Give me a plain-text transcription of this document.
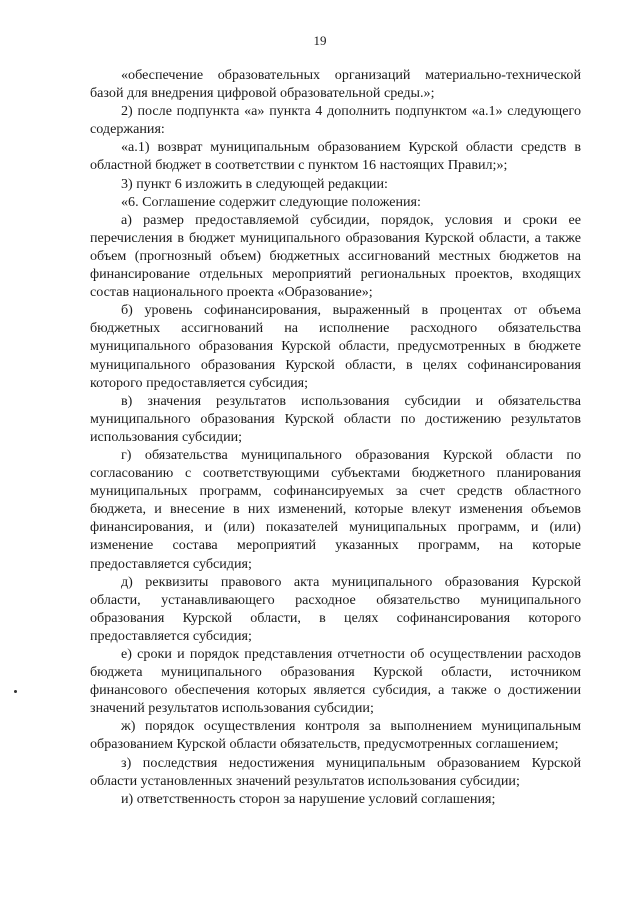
19

«обеспечение образовательных организаций материально-технической базой для внедрения цифровой образовательной среды.»;

2) после подпункта «а» пункта 4 дополнить подпунктом «а.1» следующего содержания:

«а.1) возврат муниципальным образованием Курской области средств в областной бюджет в соответствии с пунктом 16 настоящих Правил;»;

3) пункт 6 изложить в следующей редакции:

«6. Соглашение содержит следующие положения:

а) размер предоставляемой субсидии, порядок, условия и сроки ее перечисления в бюджет муниципального образования Курской области, а также объем (прогнозный объем) бюджетных ассигнований местных бюджетов на финансирование отдельных мероприятий региональных проектов, входящих состав национального проекта «Образование»;

б) уровень софинансирования, выраженный в процентах от объема бюджетных ассигнований на исполнение расходного обязательства муниципального образования Курской области, предусмотренных в бюджете муниципального образования Курской области, в целях софинансирования которого предоставляется субсидия;

в) значения результатов использования субсидии и обязательства муниципального образования Курской области по достижению результатов использования субсидии;

г) обязательства муниципального образования Курской области по согласованию с соответствующими субъектами бюджетного планирования муниципальных программ, софинансируемых за счет средств областного бюджета, и внесение в них изменений, которые влекут изменения объемов финансирования, и (или) показателей муниципальных программ, и (или) изменение состава мероприятий указанных программ, на которые предоставляется субсидия;

д) реквизиты правового акта муниципального образования Курской области, устанавливающего расходное обязательство муниципального образования Курской области, в целях софинансирования которого предоставляется субсидия;

е) сроки и порядок представления отчетности об осуществлении расходов бюджета муниципального образования Курской области, источником финансового обеспечения которых является субсидия, а также о достижении значений результатов использования субсидии;

ж) порядок осуществления контроля за выполнением муниципальным образованием Курской области обязательств, предусмотренных соглашением;

з) последствия недостижения муниципальным образованием Курской области установленных значений результатов использования субсидии;

и) ответственность сторон за нарушение условий соглашения;
